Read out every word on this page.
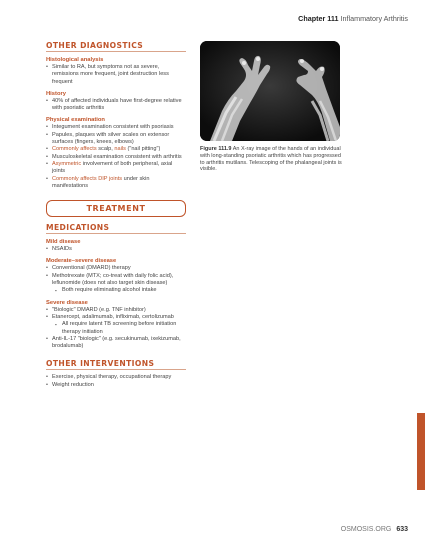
Chapter 111 Inflammatory Arthritis
OTHER DIAGNOSTICS
Histological analysis
• Similar to RA, but symptoms not as severe, remissions more frequent, joint destruction less frequent
History
• 40% of affected individuals have first-degree relative with psoriatic arthritis
Physical examination
• Integument examination consistent with psoriasis
• Papules, plaques with silver scales on extensor surfaces (fingers, knees, elbows)
• Commonly affects scalp, nails ("nail pitting")
• Musculoskeletal examination consistent with arthritis
• Asymmetric involvement of both peripheral, axial joints
• Commonly affects DIP joints under skin manifestations
TREATMENT
MEDICATIONS
Mild disease
• NSAIDs
Moderate–severe disease
• Conventional (DMARD) therapy
• Methotrexate (MTX; co-treat with daily folic acid), leflunomide (does not also target skin disease)
▪ Both require eliminating alcohol intake
Severe disease
• "Biologic" DMARD (e.g. TNF inhibitor)
• Etanercept, adalimumab, infliximab, certolizumab
▪ All require latent TB screening before initiation therapy initiation
• Anti-IL-17 "biologic" (e.g. secukinumab, ixekizumab, brodalumab)
OTHER INTERVENTIONS
• Exercise, physical therapy, occupational therapy
• Weight reduction
Figure 111.9 An X-ray image of the hands of an individual with long-standing psoriatic arthritis which has progressed to arthritis mutilans. Telescoping of the phalangeal joints is visible.
OSMOSIS.ORG 633
